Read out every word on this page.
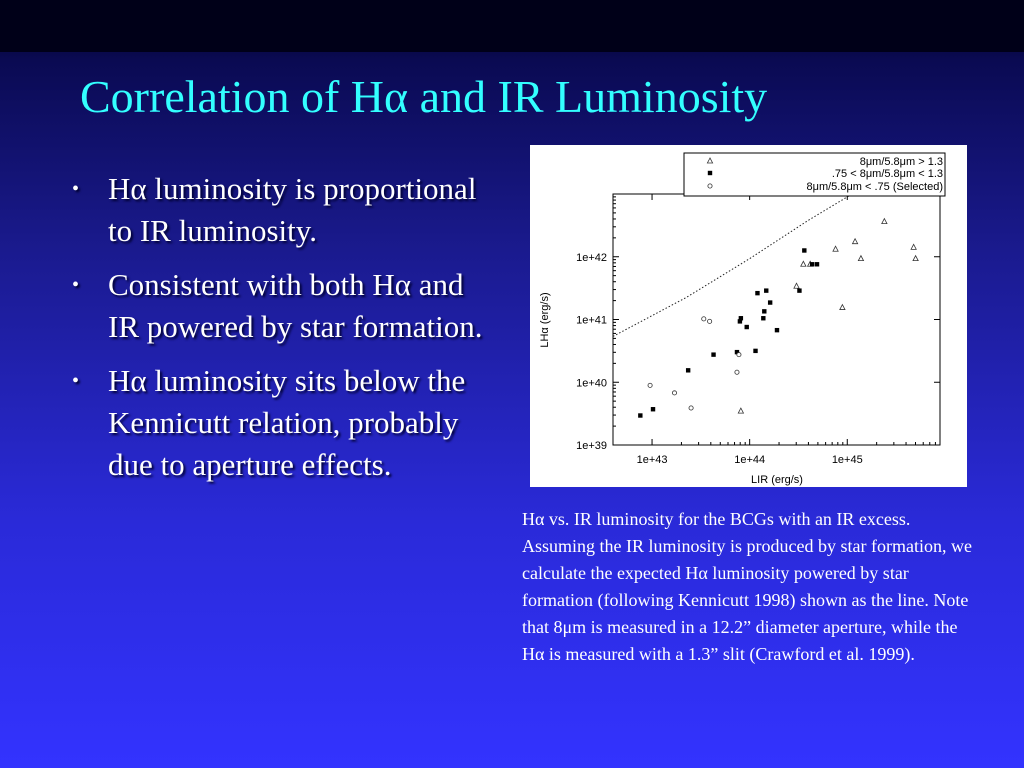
Correlation of Hα and IR Luminosity
• Hα luminosity is proportional to IR luminosity.
• Consistent with both Hα and IR powered by star formation.
• Hα luminosity sits below the Kennicutt relation, probably due to aperture effects.	1e+43	1e+44	1e+45
1e+39
1e+40
1e+41
1e+42
8μm/5.8μm > 1.3
.75 < 8μm/5.8μm < 1.3
8μm/5.8μm < .75 (Selected)
LIR (erg/s)
LHα (erg/s)

Hα vs. IR luminosity for the BCGs with an IR excess. Assuming the IR luminosity is produced by star formation, we calculate the expected Hα luminosity powered by star formation (following Kennicutt 1998) shown as the line. Note that 8μm is measured in a 12.2” diameter aperture, while the Hα is measured with a 1.3” slit (Crawford et al. 1999).
